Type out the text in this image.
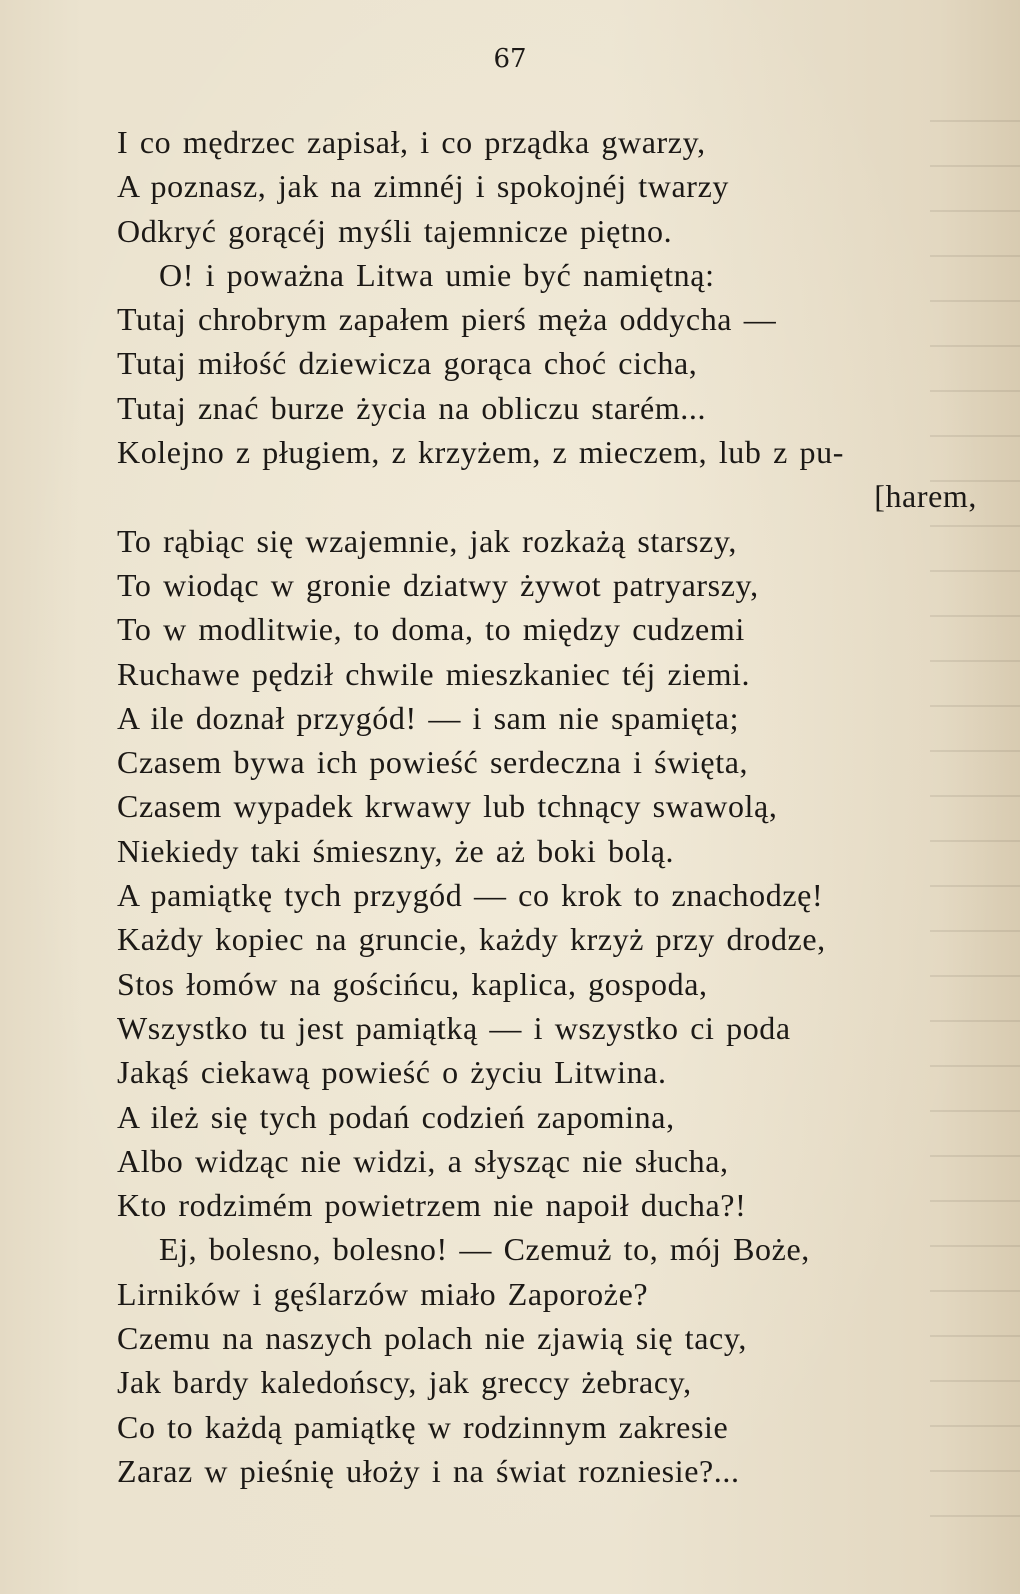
67
I co mędrzec zapisał, i co prządka gwarzy,
A poznasz, jak na zimnéj i spokojnéj twarzy
Odkryć gorącéj myśli tajemnicze piętno.
O! i poważna Litwa umie być namiętną:
Tutaj chrobrym zapałem pierś męża oddycha —
Tutaj miłość dziewicza gorąca choć cicha,
Tutaj znać burze życia na obliczu starém...
Kolejno z pługiem, z krzyżem, z mieczem, lub z pu-
[harem,
To rąbiąc się wzajemnie, jak rozkażą starszy,
To wiodąc w gronie dziatwy żywot patryarszy,
To w modlitwie, to doma, to między cudzemi
Ruchawe pędził chwile mieszkaniec téj ziemi.
A ile doznał przygód! — i sam nie spamięta;
Czasem bywa ich powieść serdeczna i święta,
Czasem wypadek krwawy lub tchnący swawolą,
Niekiedy taki śmieszny, że aż boki bolą.
A pamiątkę tych przygód — co krok to znachodzę!
Każdy kopiec na gruncie, każdy krzyż przy drodze,
Stos łomów na gościńcu, kaplica, gospoda,
Wszystko tu jest pamiątką — i wszystko ci poda
Jakąś ciekawą powieść o życiu Litwina.
A ileż się tych podań codzień zapomina,
Albo widząc nie widzi, a słysząc nie słucha,
Kto rodzimém powietrzem nie napoił ducha?!
Ej, bolesno, bolesno! — Czemuż to, mój Boże,
Lirników i gęślarzów miało Zaporoże?
Czemu na naszych polach nie zjawią się tacy,
Jak bardy kaledońscy, jak greccy żebracy,
Co to każdą pamiątkę w rodzinnym zakresie
Zaraz w pieśnię ułoży i na świat rozniesie?...
